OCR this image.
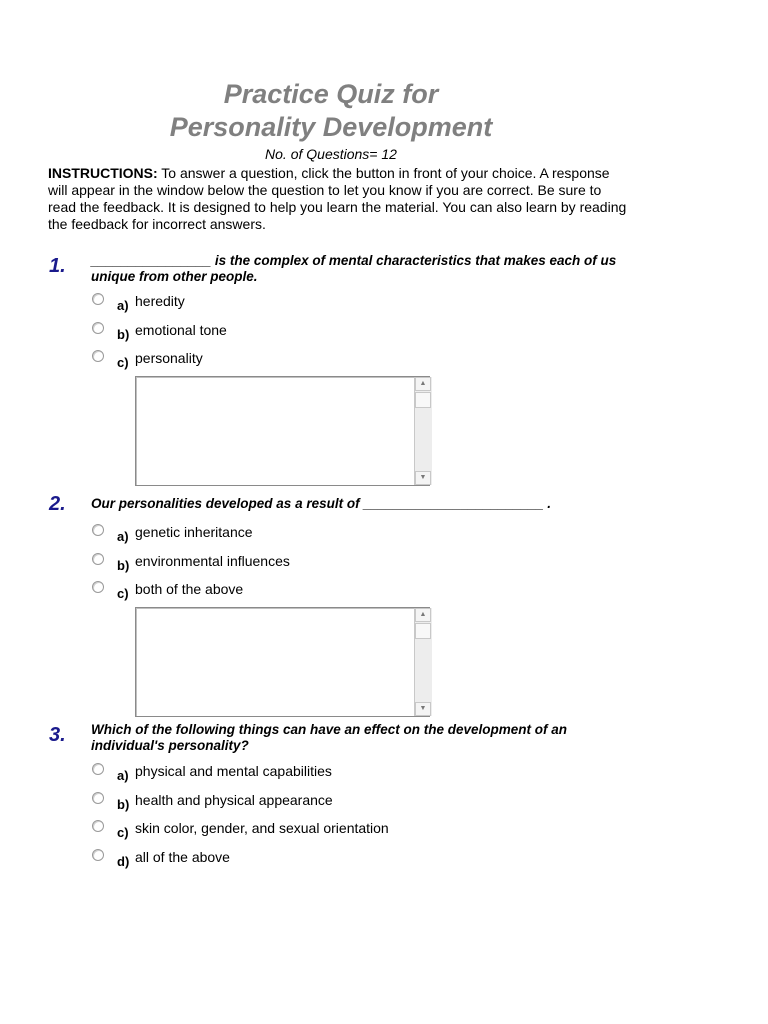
Practice Quiz for
Personality Development
No. of Questions= 12
INSTRUCTIONS: To answer a question, click the button in front of your choice. A response will appear in the window below the question to let you know if you are correct. Be sure to read the feedback. It is designed to help you learn the material. You can also learn by reading the feedback for incorrect answers.
1. ________________ is the complex of mental characteristics that makes each of us unique from other people.
a) heredity
b) emotional tone
c) personality
▲
▼
2. Our personalities developed as a result of ________________________ .
a) genetic inheritance
b) environmental influences
c) both of the above
▲
▼
3. Which of the following things can have an effect on the development of an individual's personality?
a) physical and mental capabilities
b) health and physical appearance
c) skin color, gender, and sexual orientation
d) all of the above
